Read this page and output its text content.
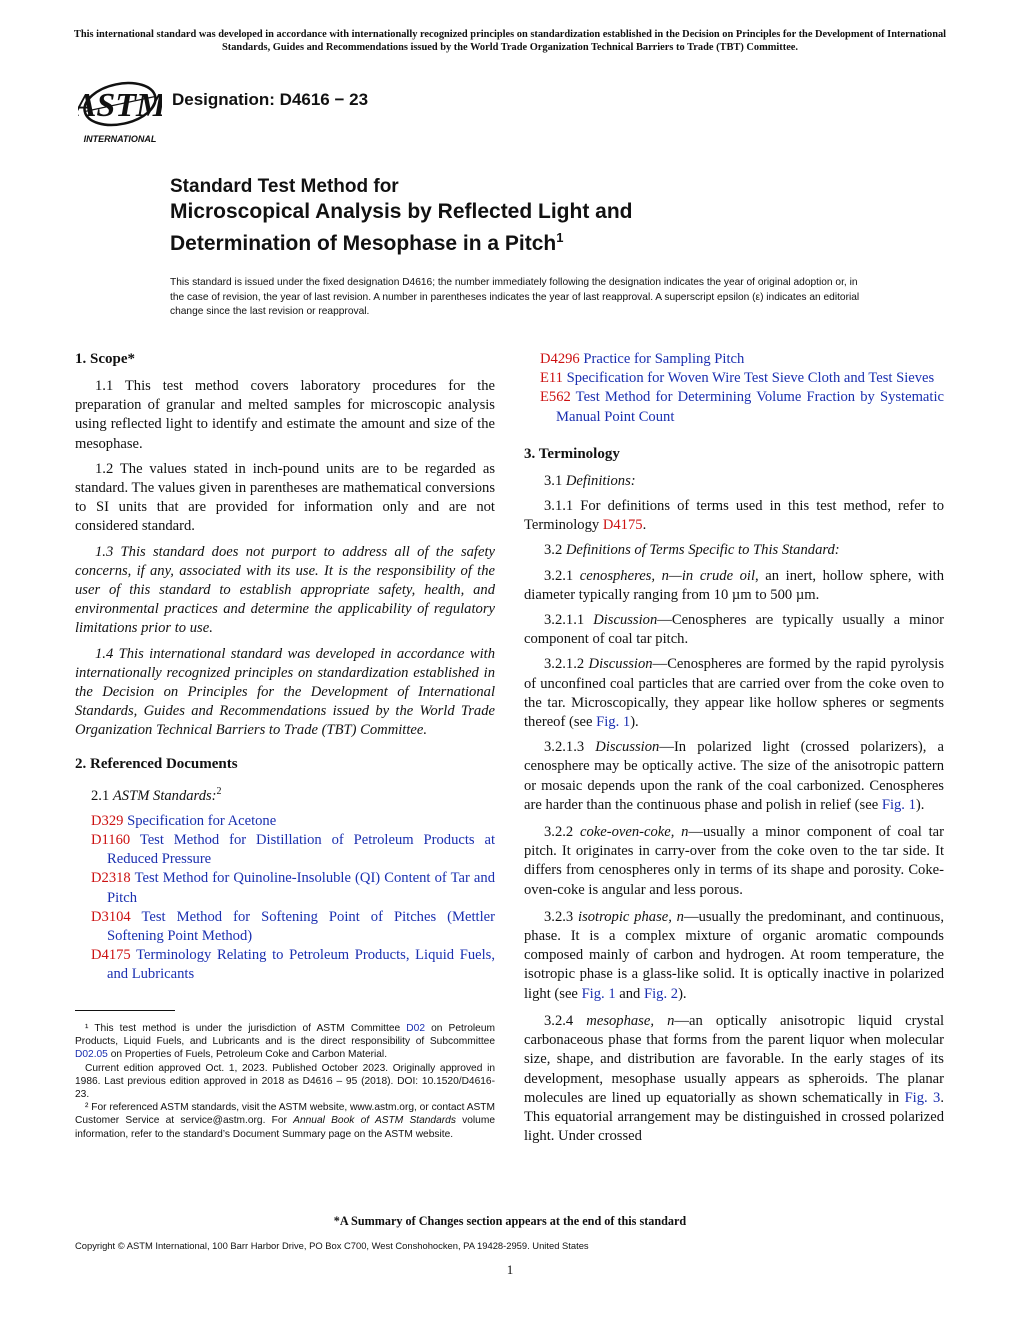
This international standard was developed in accordance with internationally recognized principles on standardization established in the Decision on Principles for the Development of International Standards, Guides and Recommendations issued by the World Trade Organization Technical Barriers to Trade (TBT) Committee.
ASTM
INTERNATIONAL
Designation: D4616 − 23
Standard Test Method for
Microscopical Analysis by Reflected Light and
Determination of Mesophase in a Pitch$^1$
This standard is issued under the fixed designation D4616; the number immediately following the designation indicates the year of original adoption or, in the case of revision, the year of last revision. A number in parentheses indicates the year of last reapproval. A superscript epsilon (ε) indicates an editorial change since the last revision or reapproval.
1. Scope*

1.1 This test method covers laboratory procedures for the preparation of granular and melted samples for microscopic analysis using reflected light to identify and estimate the amount and size of the mesophase.

1.2 The values stated in inch-pound units are to be regarded as standard. The values given in parentheses are mathematical conversions to SI units that are provided for information only and are not considered standard.

1.3 This standard does not purport to address all of the safety concerns, if any, associated with its use. It is the responsibility of the user of this standard to establish appropriate safety, health, and environmental practices and determine the applicability of regulatory limitations prior to use.

1.4 This international standard was developed in accordance with internationally recognized principles on standardization established in the Decision on Principles for the Development of International Standards, Guides and Recommendations issued by the World Trade Organization Technical Barriers to Trade (TBT) Committee.

2. Referenced Documents

2.1 ASTM Standards:$^2$

D329 Specification for Acetone
D1160 Test Method for Distillation of Petroleum Products at Reduced Pressure
D2318 Test Method for Quinoline-Insoluble (QI) Content of Tar and Pitch
D3104 Test Method for Softening Point of Pitches (Mettler Softening Point Method)
D4175 Terminology Relating to Petroleum Products, Liquid Fuels, and Lubricants
D4296 Practice for Sampling Pitch
E11 Specification for Woven Wire Test Sieve Cloth and Test Sieves
E562 Test Method for Determining Volume Fraction by Systematic Manual Point Count
3. Terminology

3.1 Definitions:

3.1.1 For definitions of terms used in this test method, refer to Terminology D4175.

3.2 Definitions of Terms Specific to This Standard:

3.2.1 cenospheres, n—in crude oil, an inert, hollow sphere, with diameter typically ranging from 10 µm to 500 µm.

3.2.1.1 Discussion—Cenospheres are typically usually a minor component of coal tar pitch.

3.2.1.2 Discussion—Cenospheres are formed by the rapid pyrolysis of unconfined coal particles that are carried over from the coke oven to the tar. Microscopically, they appear like hollow spheres or segments thereof (see Fig. 1).

3.2.1.3 Discussion—In polarized light (crossed polarizers), a cenosphere may be optically active. The size of the anisotropic pattern or mosaic depends upon the rank of the coal carbonized. Cenospheres are harder than the continuous phase and polish in relief (see Fig. 1).

3.2.2 coke-oven-coke, n—usually a minor component of coal tar pitch. It originates in carry-over from the coke oven to the tar side. It differs from cenospheres only in terms of its shape and porosity. Coke-oven-coke is angular and less porous.

3.2.3 isotropic phase, n—usually the predominant, and continuous, phase. It is a complex mixture of organic aromatic compounds composed mainly of carbon and hydrogen. At room temperature, the isotropic phase is a glass-like solid. It is optically inactive in polarized light (see Fig. 1 and Fig. 2).

3.2.4 mesophase, n—an optically anisotropic liquid crystal carbonaceous phase that forms from the parent liquor when molecular size, shape, and distribution are favorable. In the early stages of its development, mesophase usually appears as spheroids. The planar molecules are lined up equatorially as shown schematically in Fig. 3. This equatorial arrangement may be distinguished in crossed polarized light. Under crossed

¹ This test method is under the jurisdiction of ASTM Committee D02 on Petroleum Products, Liquid Fuels, and Lubricants and is the direct responsibility of Subcommittee D02.05 on Properties of Fuels, Petroleum Coke and Carbon Material.

Current edition approved Oct. 1, 2023. Published October 2023. Originally approved in 1986. Last previous edition approved in 2018 as D4616 – 95 (2018). DOI: 10.1520/D4616-23.

² For referenced ASTM standards, visit the ASTM website, www.astm.org, or contact ASTM Customer Service at service@astm.org. For Annual Book of ASTM Standards volume information, refer to the standard’s Document Summary page on the ASTM website.

*A Summary of Changes section appears at the end of this standard
Copyright © ASTM International, 100 Barr Harbor Drive, PO Box C700, West Conshohocken, PA 19428-2959. United States
1
